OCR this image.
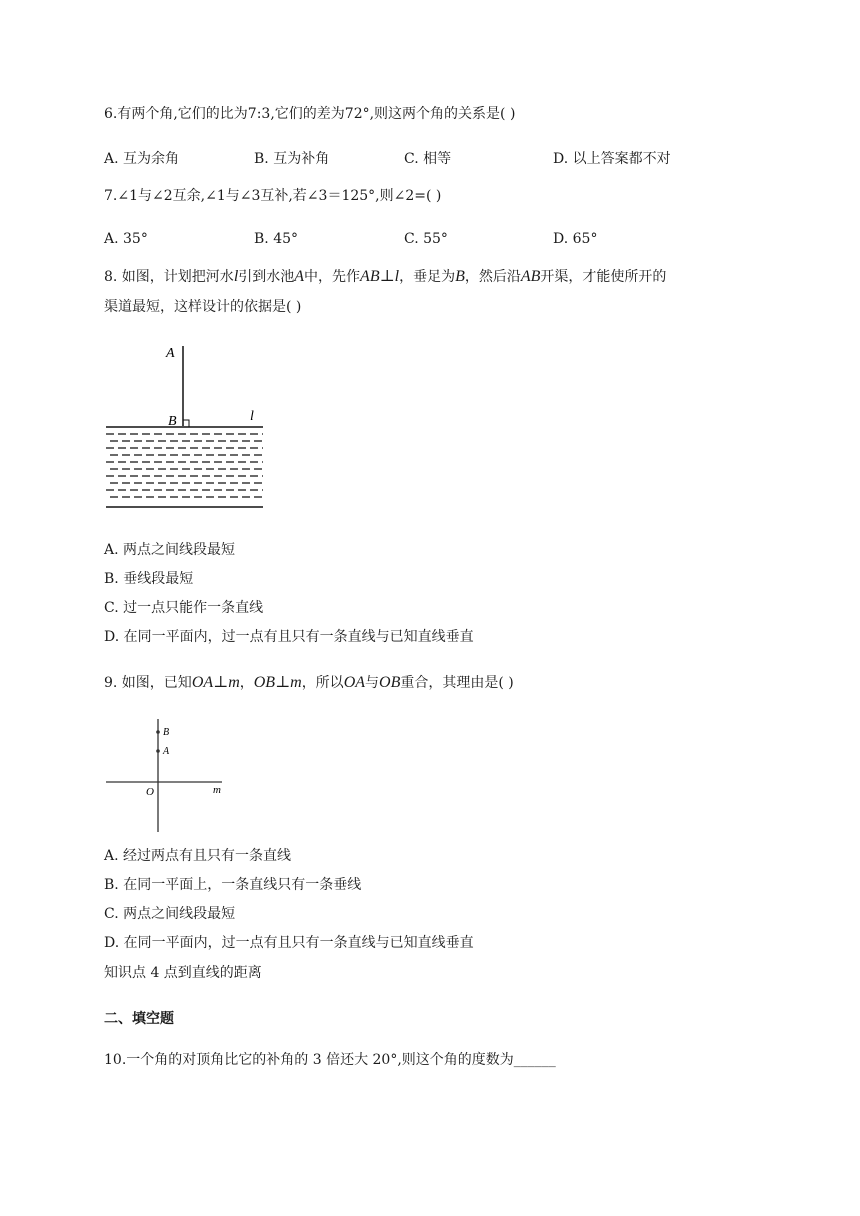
6.有两个角,它们的比为7:3,它们的差为72°,则这两个角的关系是( )
A. 互为余角	B. 互为补角	C. 相等	D. 以上答案都不对
7.∠1与∠2互余,∠1与∠3互补,若∠3＝125°,则∠2=( )
A. 35°	B. 45°	C. 55°	D. 65°
8. 如图，计划把河水l引到水池A中，先作AB⊥l，垂足为B，然后沿AB开渠，才能使所开的
渠道最短，这样设计的依据是( )
A
B	l
A. 两点之间线段最短
B. 垂线段最短
C. 过一点只能作一条直线
D. 在同一平面内，过一点有且只有一条直线与已知直线垂直
9. 如图，已知OA⊥m，OB⊥m，所以OA与OB重合，其理由是( )
B
A
O	m
A. 经过两点有且只有一条直线
B. 在同一平面上，一条直线只有一条垂线
C. 两点之间线段最短
D. 在同一平面内，过一点有且只有一条直线与已知直线垂直
知识点 4 点到直线的距离
二、填空题
10.一个角的对顶角比它的补角的 3 倍还大 20°,则这个角的度数为______
